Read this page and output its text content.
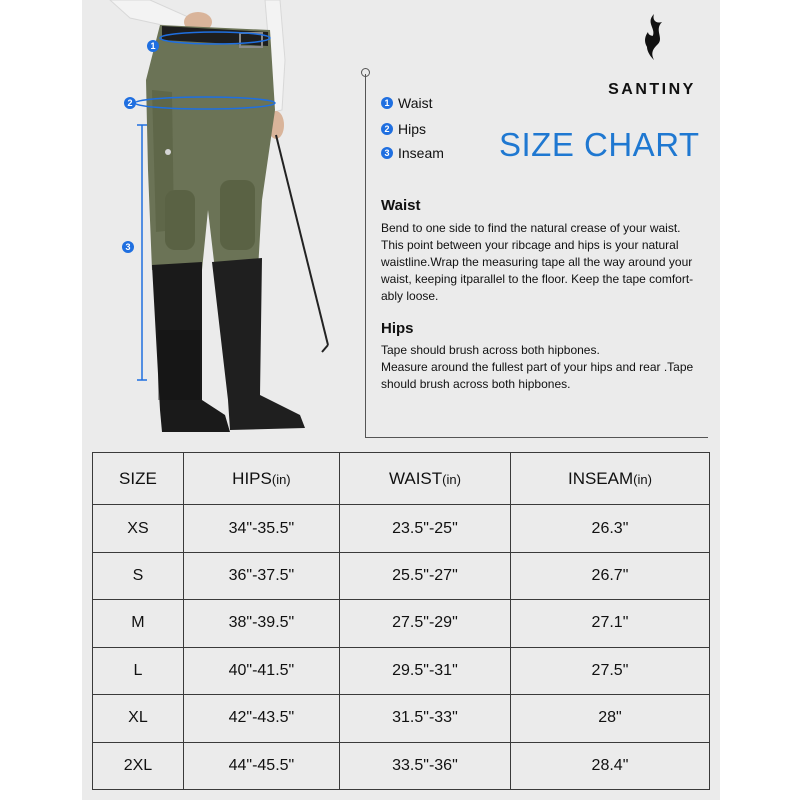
1
2
3
SANTINY
1 Waist
2 Hips
3 Inseam SIZE CHART
Waist
Bend to one side to find the natural crease of your waist.
This point between your ribcage and hips is your natural
waistline.Wrap the measuring tape all the way around your
waist, keeping itparallel to the floor. Keep the tape comfort-
ably loose.
Hips
Tape should brush across both hipbones.
Measure around the fullest part of your hips and rear .Tape
should brush across both hipbones.
SIZE	HIPS(in)	WAIST(in)	INSEAM(in)
XS	34"-35.5"	23.5"-25"	26.3"
S	36"-37.5"	25.5"-27"	26.7"
M	38"-39.5"	27.5"-29"	27.1"
L	40"-41.5"	29.5"-31"	27.5"
XL	42"-43.5"	31.5"-33"	28"
2XL	44"-45.5"	33.5"-36"	28.4"
